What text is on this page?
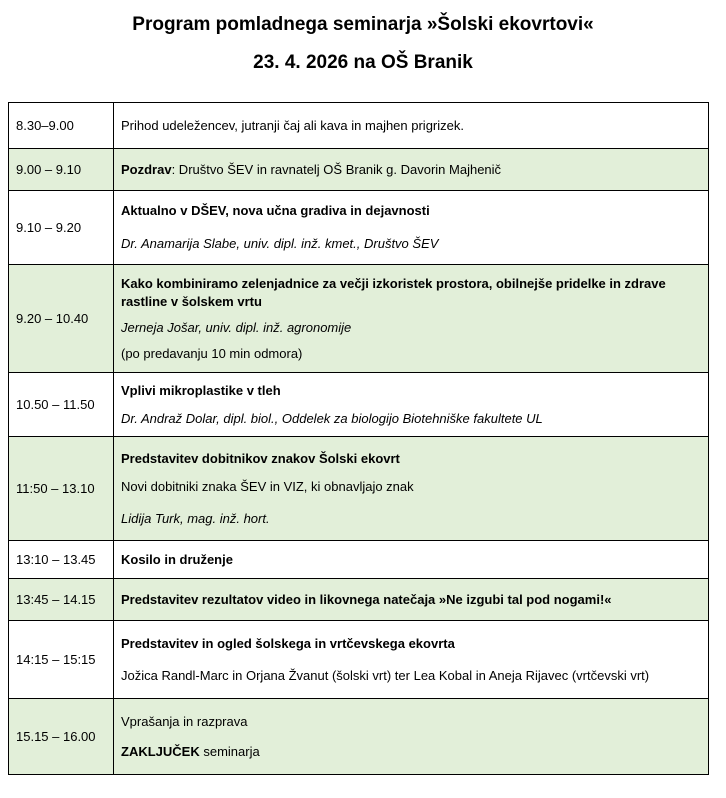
Program pomladnega seminarja »Šolski ekovrtovi«
23. 4. 2026 na OŠ Branik
8.30–9.00	Prihod udeležencev, jutranji čaj ali kava in majhen prigrizek.

9.00 – 9.10	Pozdrav: Društvo ŠEV in ravnatelj OŠ Branik g. Davorin Majhenič

9.10 – 9.20	Aktualno v DŠEV, nova učna gradiva in dejavnosti
Dr. Anamarija Slabe, univ. dipl. inž. kmet., Društvo ŠEV

9.20 – 10.40	Kako kombiniramo zelenjadnice za večji izkoristek prostora, obilnejše pridelke in zdrave rastline v šolskem vrtu
Jerneja Jošar, univ. dipl. inž. agronomije
(po predavanju 10 min odmora)

10.50 – 11.50	Vplivi mikroplastike v tleh
Dr. Andraž Dolar, dipl. biol., Oddelek za biologijo Biotehniške fakultete UL

11:50 – 13.10	Predstavitev dobitnikov znakov Šolski ekovrt
Novi dobitniki znaka ŠEV in VIZ, ki obnavljajo znak
Lidija Turk, mag. inž. hort.

13:10 – 13.45	Kosilo in druženje

13:45 – 14.15	Predstavitev rezultatov video in likovnega natečaja »Ne izgubi tal pod nogami!«

14:15 – 15:15	Predstavitev in ogled šolskega in vrtčevskega ekovrta
Jožica Randl-Marc in Orjana Žvanut (šolski vrt) ter Lea Kobal in Aneja Rijavec (vrtčevski vrt)

15.15 – 16.00	Vprašanja in razprava
ZAKLJUČEK seminarja
